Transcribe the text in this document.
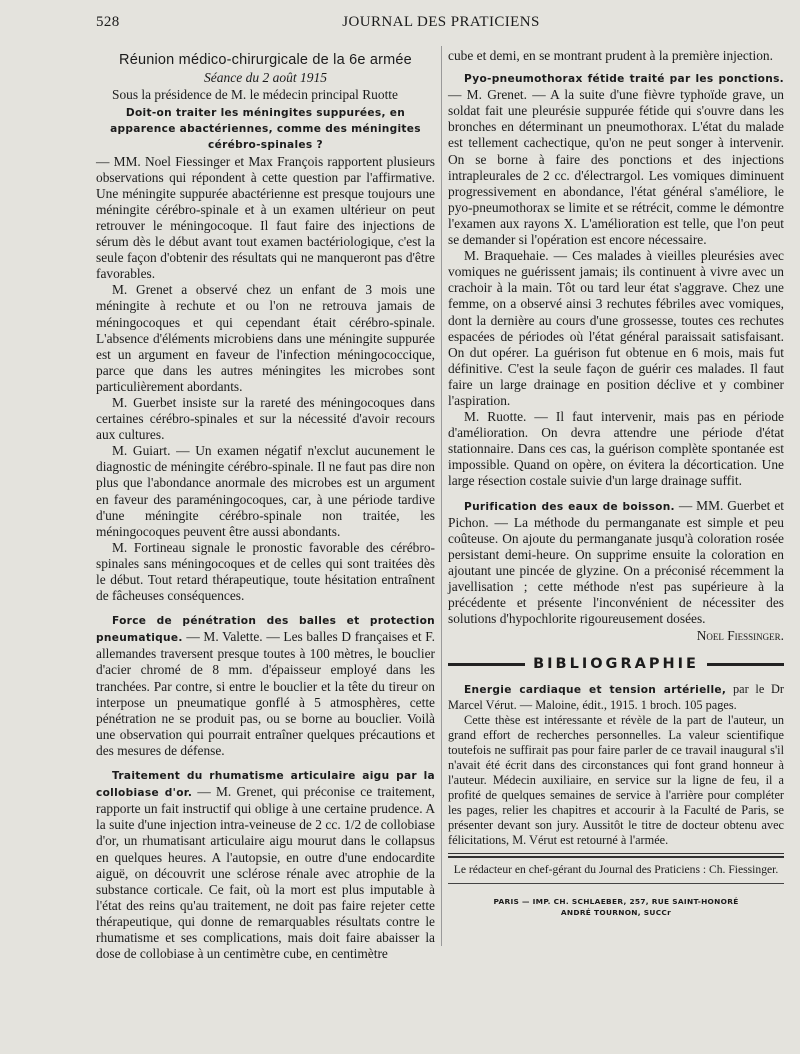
528	JOURNAL DES PRATICIENS
Réunion médico-chirurgicale de la 6e armée
Séance du 2 août 1915

Sous la présidence de M. le médecin principal Ruotte

Doit-on traiter les méningites suppurées, en apparence abactériennes, comme des méningites cérébro-spinales ?

— MM. Noel Fiessinger et Max François rapportent plusieurs observations qui répondent à cette question par l'affirmative. Une méningite suppurée abactérienne est presque toujours une méningite cérébro-spinale et à un examen ultérieur on peut retrouver le méningocoque. Il faut faire des injections de sérum dès le début avant tout examen bactériologique, c'est la seule façon d'obtenir des résultats qui ne manqueront pas d'être favorables.

M. Grenet a observé chez un enfant de 3 mois une méningite à rechute et ou l'on ne retrouva jamais de méningocoques et qui cependant était cérébro-spinale. L'absence d'éléments microbiens dans une méningite suppurée est un argument en faveur de l'infection méningococcique, parce que dans les autres méningites les microbes sont particulièrement abordants.

M. Guerbet insiste sur la rareté des méningocoques dans certaines cérébro-spinales et sur la nécessité d'avoir recours aux cultures.

M. Guiart. — Un examen négatif n'exclut aucunement le diagnostic de méningite cérébro-spinale. Il ne faut pas dire non plus que l'abondance anormale des microbes est un argument en faveur des paraméningocoques, car, à une période tardive d'une méningite cérébro-spinale non traitée, les méningocoques peuvent être aussi abondants.

M. Fortineau signale le pronostic favorable des cérébro-spinales sans méningocoques et de celles qui sont traitées dès le début. Tout retard thérapeutique, toute hésitation entraînent de fâcheuses conséquences.

Force de pénétration des balles et protection pneumatique. — M. Valette. — Les balles D françaises et F. allemandes traversent presque toutes à 100 mètres, le bouclier d'acier chromé de 8 mm. d'épaisseur employé dans les tranchées. Par contre, si entre le bouclier et la tête du tireur on interpose un pneumatique gonflé à 5 atmosphères, cette pénétration ne se produit pas, ou se borne au bouclier. Voilà une observation qui pourrait entraîner quelques précautions et des mesures de défense.

Traitement du rhumatisme articulaire aigu par la collobiase d'or. — M. Grenet, qui préconise ce traitement, rapporte un fait instructif qui oblige à une certaine prudence. A la suite d'une injection intra-veineuse de 2 cc. 1/2 de collobiase d'or, un rhumatisant articulaire aigu mourut dans le collapsus en quelques heures. A l'autopsie, en outre d'une endocardite aiguë, on découvrit une sclérose rénale avec atrophie de la substance corticale. Ce fait, où la mort est plus imputable à l'état des reins qu'au traitement, ne doit pas faire rejeter cette thérapeutique, qui donne de remarquables résultats contre le rhumatisme et ses complications, mais doit faire abaisser la dose de collobiase à un centimètre cube, en centimètre

cube et demi, en se montrant prudent à la première injection.

Pyo-pneumothorax fétide traité par les ponctions. — M. Grenet. — A la suite d'une fièvre typhoïde grave, un soldat fait une pleurésie suppurée fétide qui s'ouvre dans les bronches en déterminant un pneumothorax. L'état du malade est tellement cachectique, qu'on ne peut songer à intervenir. On se borne à faire des ponctions et des injections intrapleurales de 2 cc. d'électrargol. Les vomiques diminuent progressivement en abondance, l'état général s'améliore, le pyo-pneumothorax se limite et se rétrécit, comme le démontre l'examen aux rayons X. L'amélioration est telle, que l'on peut se demander si l'opération est encore nécessaire.

M. Braquehaie. — Ces malades à vieilles pleurésies avec vomiques ne guérissent jamais; ils continuent à vivre avec un crachoir à la main. Tôt ou tard leur état s'aggrave. Chez une femme, on a observé ainsi 3 rechutes fébriles avec vomiques, dont la dernière au cours d'une grossesse, toutes ces rechutes espacées de périodes où l'état général paraissait satisfaisant. On dut opérer. La guérison fut obtenue en 6 mois, mais fut définitive. C'est la seule façon de guérir ces malades. Il faut faire un large drainage en position déclive et y combiner l'aspiration.

M. Ruotte. — Il faut intervenir, mais pas en période d'amélioration. On devra attendre une période d'état stationnaire. Dans ces cas, la guérison complète spontanée est impossible. Quand on opère, on évitera la décortication. Une large résection costale suivie d'un large drainage suffit.

Purification des eaux de boisson. — MM. Guerbet et Pichon. — La méthode du permanganate est simple et peu coûteuse. On ajoute du permanganate jusqu'à coloration rosée persistant demi-heure. On supprime ensuite la coloration en ajoutant une pincée de glyzine. On a préconisé récemment la javellisation ; cette méthode n'est pas supérieure à la précédente et présente l'inconvénient de nécessiter des solutions d'hypochlorite rigoureusement dosées.

Noel Fiessinger.
BIBLIOGRAPHIE

Energie cardiaque et tension artérielle, par le Dr Marcel Vérut. — Maloine, édit., 1915. 1 broch. 105 pages.

Cette thèse est intéressante et révèle de la part de l'auteur, un grand effort de recherches personnelles. La valeur scientifique toutefois ne suffirait pas pour faire parler de ce travail inaugural s'il n'avait été écrit dans des circonstances qui font grand honneur à l'auteur. Médecin auxiliaire, en service sur la ligne de feu, il a profité de quelques semaines de service à l'arrière pour compléter les pages, relier les chapitres et accourir à la Faculté de Paris, se présenter devant son jury. Aussitôt le titre de docteur obtenu avec félicitations, M. Vérut est retourné à l'armée.

Le rédacteur en chef-gérant du Journal des Praticiens : Ch. Fiessinger.
PARIS — IMP. CH. SCHLAEBER, 257, RUE SAINT-HONORÉ
ANDRÉ TOURNON, SUCCr
